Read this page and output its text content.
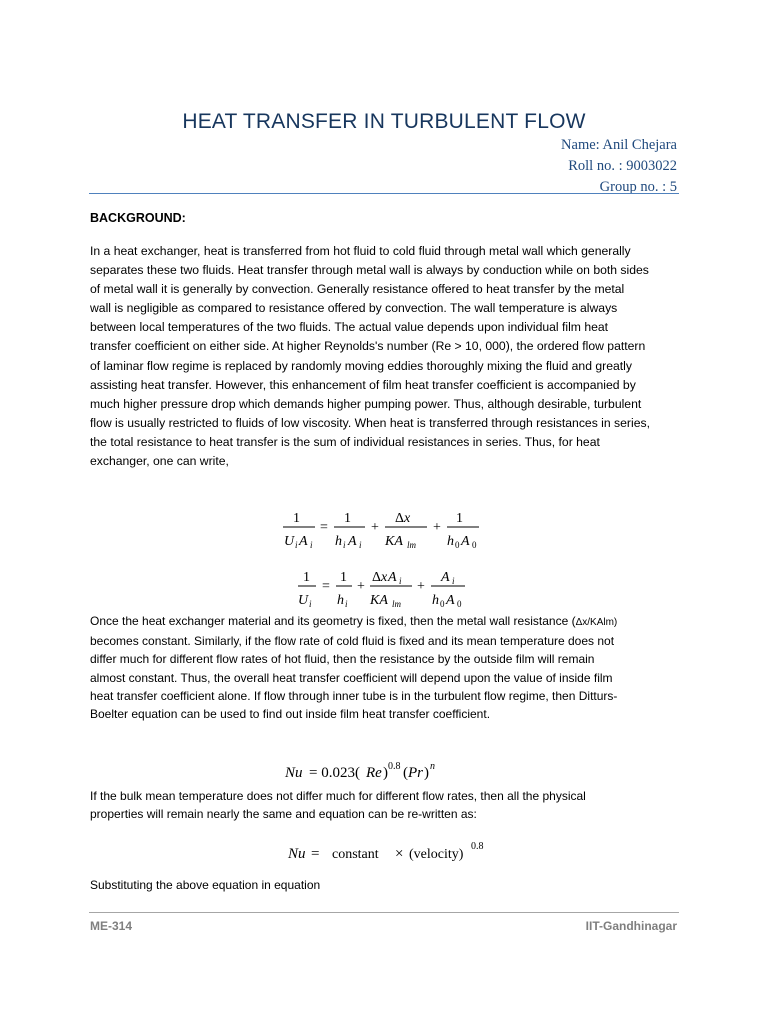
HEAT TRANSFER IN TURBULENT FLOW
Name: Anil Chejara
Roll no. : 9003022
Group no. : 5
BACKGROUND:
In a heat exchanger, heat is transferred from hot fluid to cold fluid through metal wall which generally
separates these two fluids. Heat transfer through metal wall is always by conduction while on both sides
of metal wall it is generally by convection. Generally resistance offered to heat transfer by the metal
wall is negligible as compared to resistance offered by convection. The wall temperature is always
between local temperatures of the two fluids. The actual value depends upon individual film heat
transfer coefficient on either side. At higher Reynolds's number (Re > 10, 000), the ordered flow pattern
of laminar flow regime is replaced by randomly moving eddies thoroughly mixing the fluid and greatly
assisting heat transfer. However, this enhancement of film heat transfer coefficient is accompanied by
much higher pressure drop which demands higher pumping power. Thus, although desirable, turbulent
flow is usually restricted to fluids of low viscosity. When heat is transferred through resistances in series,
the total resistance to heat transfer is the sum of individual resistances in series. Thus, for heat
exchanger, one can write,
1
U i A i
=
1
h i A i
+
Δ x
KA lm
+
1
h 0 A 0
1
U i
=
1
h i
+
Δ x A i
KA lm
+
A i
h 0 A 0
Once the heat exchanger material and its geometry is fixed, then the metal wall resistance (Δx/KAlm)
becomes constant. Similarly, if the flow rate of cold fluid is fixed and its mean temperature does not
differ much for different flow rates of hot fluid, then the resistance by the outside film will remain
almost constant. Thus, the overall heat transfer coefficient will depend upon the value of inside film
heat transfer coefficient alone. If flow through inner tube is in the turbulent flow regime, then Ditturs-
Boelter equation can be used to find out inside film heat transfer coefficient.
Nu = 0.023( Re ) 0.8 ( Pr ) n
If the bulk mean temperature does not differ much for different flow rates, then all the physical
properties will remain nearly the same and equation can be re-written as:
Nu = constant × (velocity)
0.8
Substituting the above equation in equation
ME-314	IIT-Gandhinagar
